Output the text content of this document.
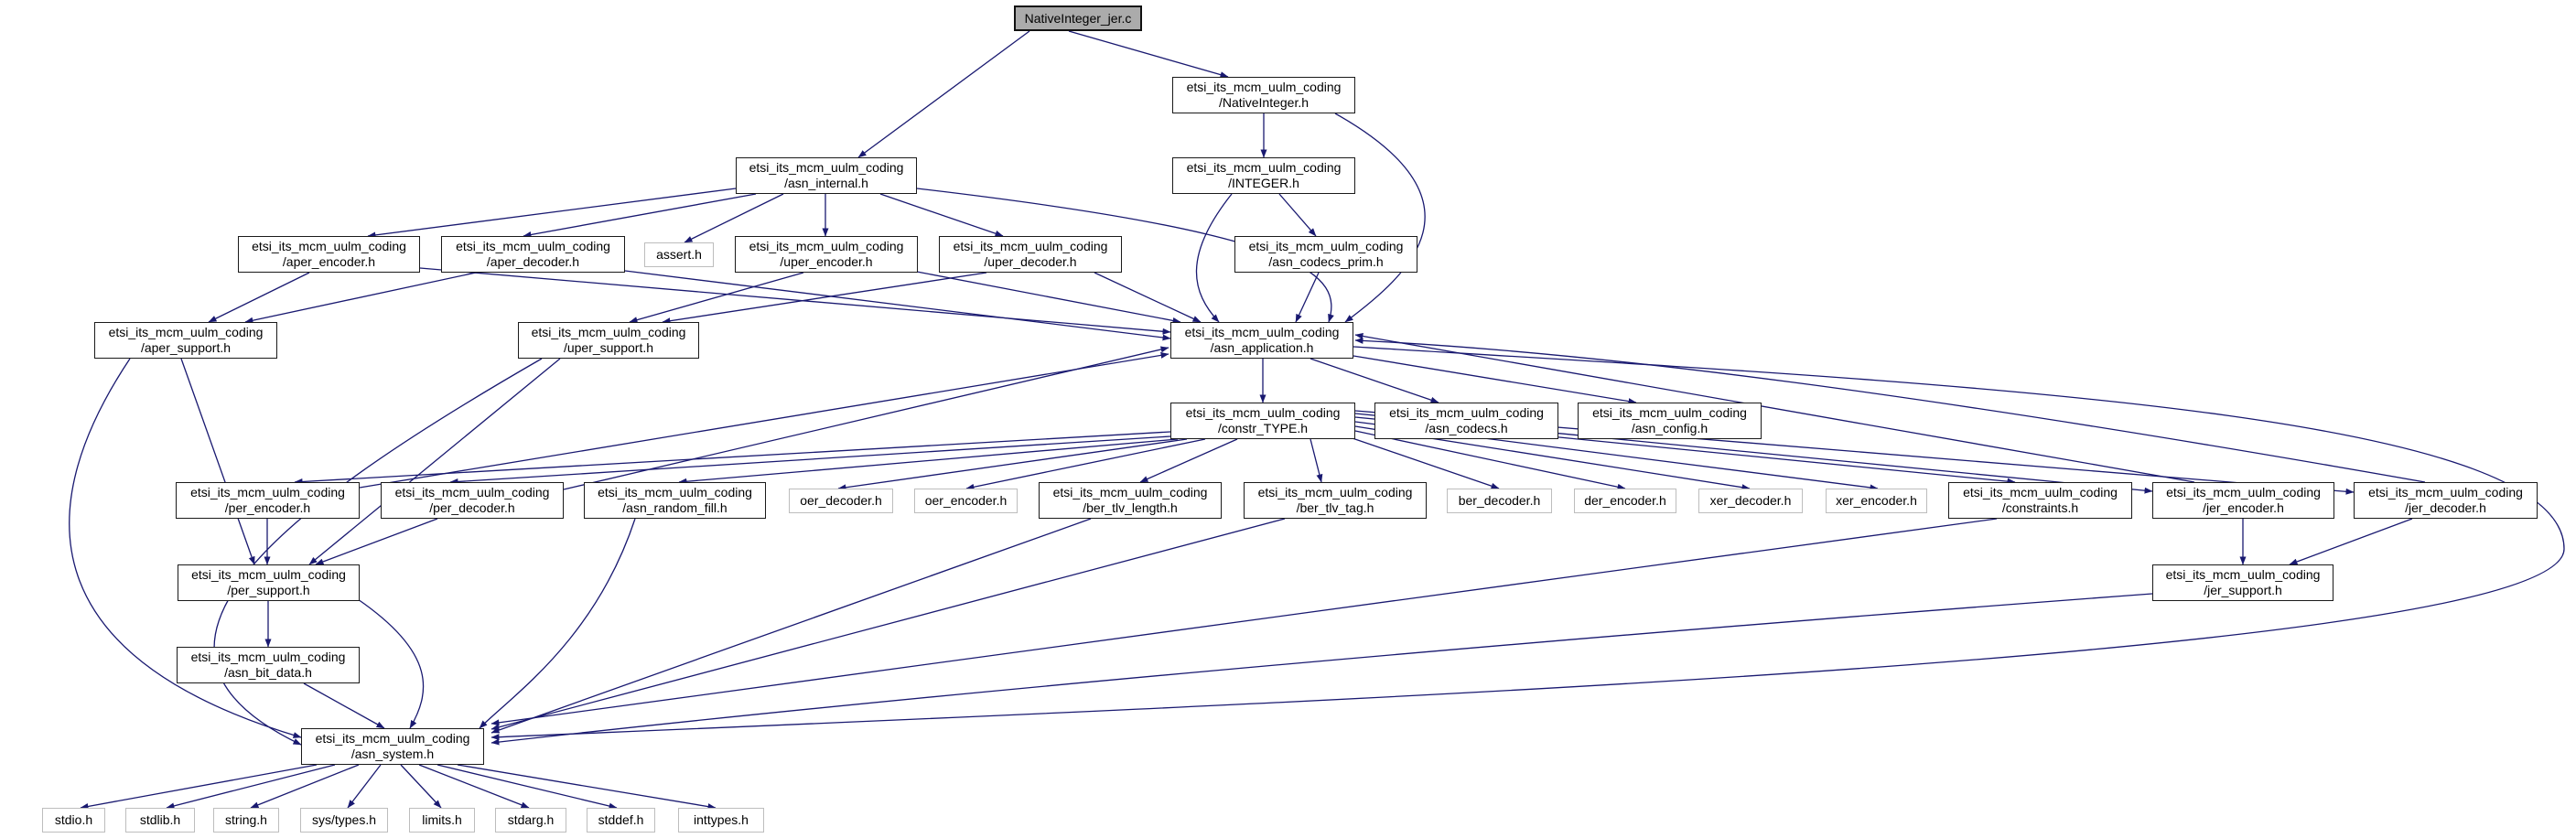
NativeInteger_jer.c
etsi_its_mcm_uulm_coding
/NativeInteger.h
etsi_its_mcm_uulm_coding
/asn_internal.h
etsi_its_mcm_uulm_coding
/INTEGER.h
etsi_its_mcm_uulm_coding
/aper_encoder.h
etsi_its_mcm_uulm_coding
/aper_decoder.h	assert.h
etsi_its_mcm_uulm_coding
/uper_encoder.h
etsi_its_mcm_uulm_coding
/uper_decoder.h
etsi_its_mcm_uulm_coding
/asn_codecs_prim.h
etsi_its_mcm_uulm_coding
/aper_support.h
etsi_its_mcm_uulm_coding
/uper_support.h
etsi_its_mcm_uulm_coding
/asn_application.h
etsi_its_mcm_uulm_coding
/constr_TYPE.h
etsi_its_mcm_uulm_coding
/asn_codecs.h
etsi_its_mcm_uulm_coding
/asn_config.h
etsi_its_mcm_uulm_coding
/per_encoder.h
etsi_its_mcm_uulm_coding
/per_decoder.h
etsi_its_mcm_uulm_coding
/asn_random_fill.h	oer_decoder.h	oer_encoder.h
etsi_its_mcm_uulm_coding
/ber_tlv_length.h
etsi_its_mcm_uulm_coding
/ber_tlv_tag.h	ber_decoder.h	der_encoder.h	xer_decoder.h	xer_encoder.h
etsi_its_mcm_uulm_coding
/constraints.h
etsi_its_mcm_uulm_coding
/jer_encoder.h
etsi_its_mcm_uulm_coding
/jer_decoder.h
etsi_its_mcm_uulm_coding
/per_support.h
etsi_its_mcm_uulm_coding
/jer_support.h
etsi_its_mcm_uulm_coding
/asn_bit_data.h
etsi_its_mcm_uulm_coding
/asn_system.h
stdio.h	stdlib.h	string.h	sys/types.h	limits.h	stdarg.h	stddef.h	inttypes.h
